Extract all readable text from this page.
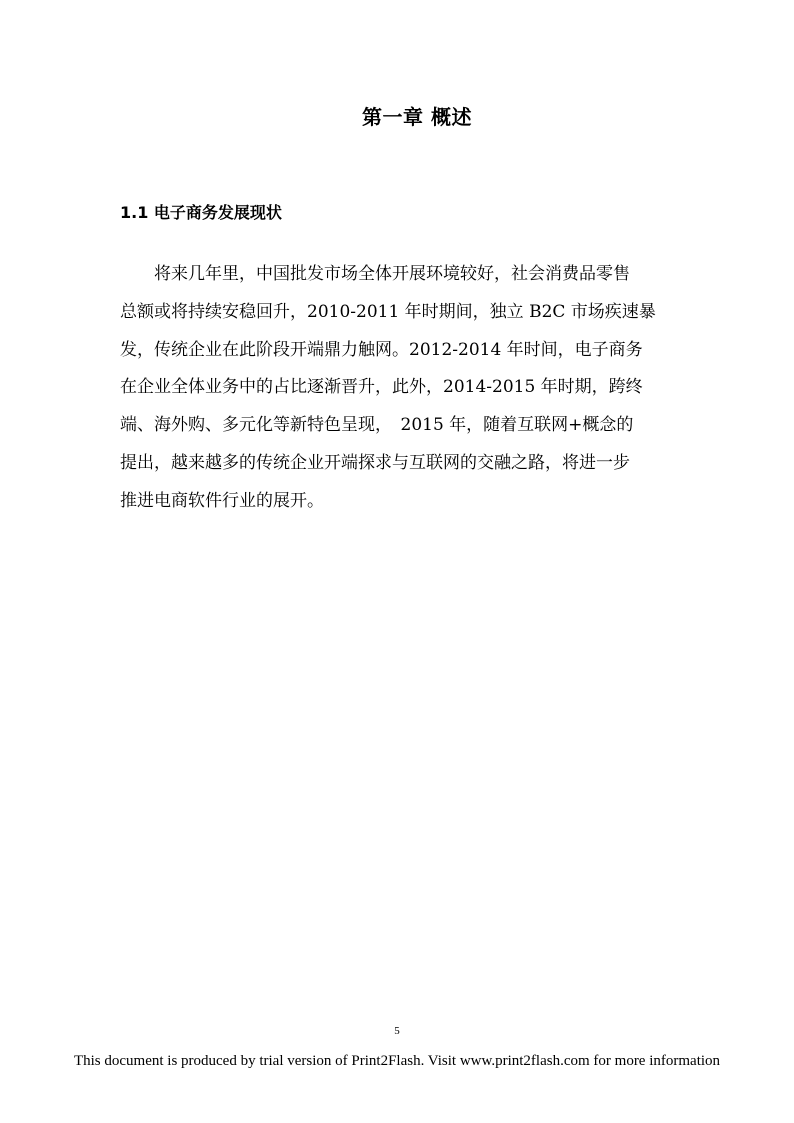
第一章 概述
1.1 电子商务发展现状
　　将来几年里，中国批发市场全体开展环境较好，社会消费品零售
总额或将持续安稳回升，2010-2011 年时期间，独立 B2C 市场疾速暴
发，传统企业在此阶段开端鼎力触网。2012-2014 年时间，电子商务
在企业全体业务中的占比逐渐晋升，此外，2014-2015 年时期，跨终
端、海外购、多元化等新特色呈现，　2015 年，随着互联网+概念的
提出，越来越多的传统企业开端探求与互联网的交融之路，将进一步
推进电商软件行业的展开。
5
This document is produced by trial version of Print2Flash. Visit www.print2flash.com for more information
